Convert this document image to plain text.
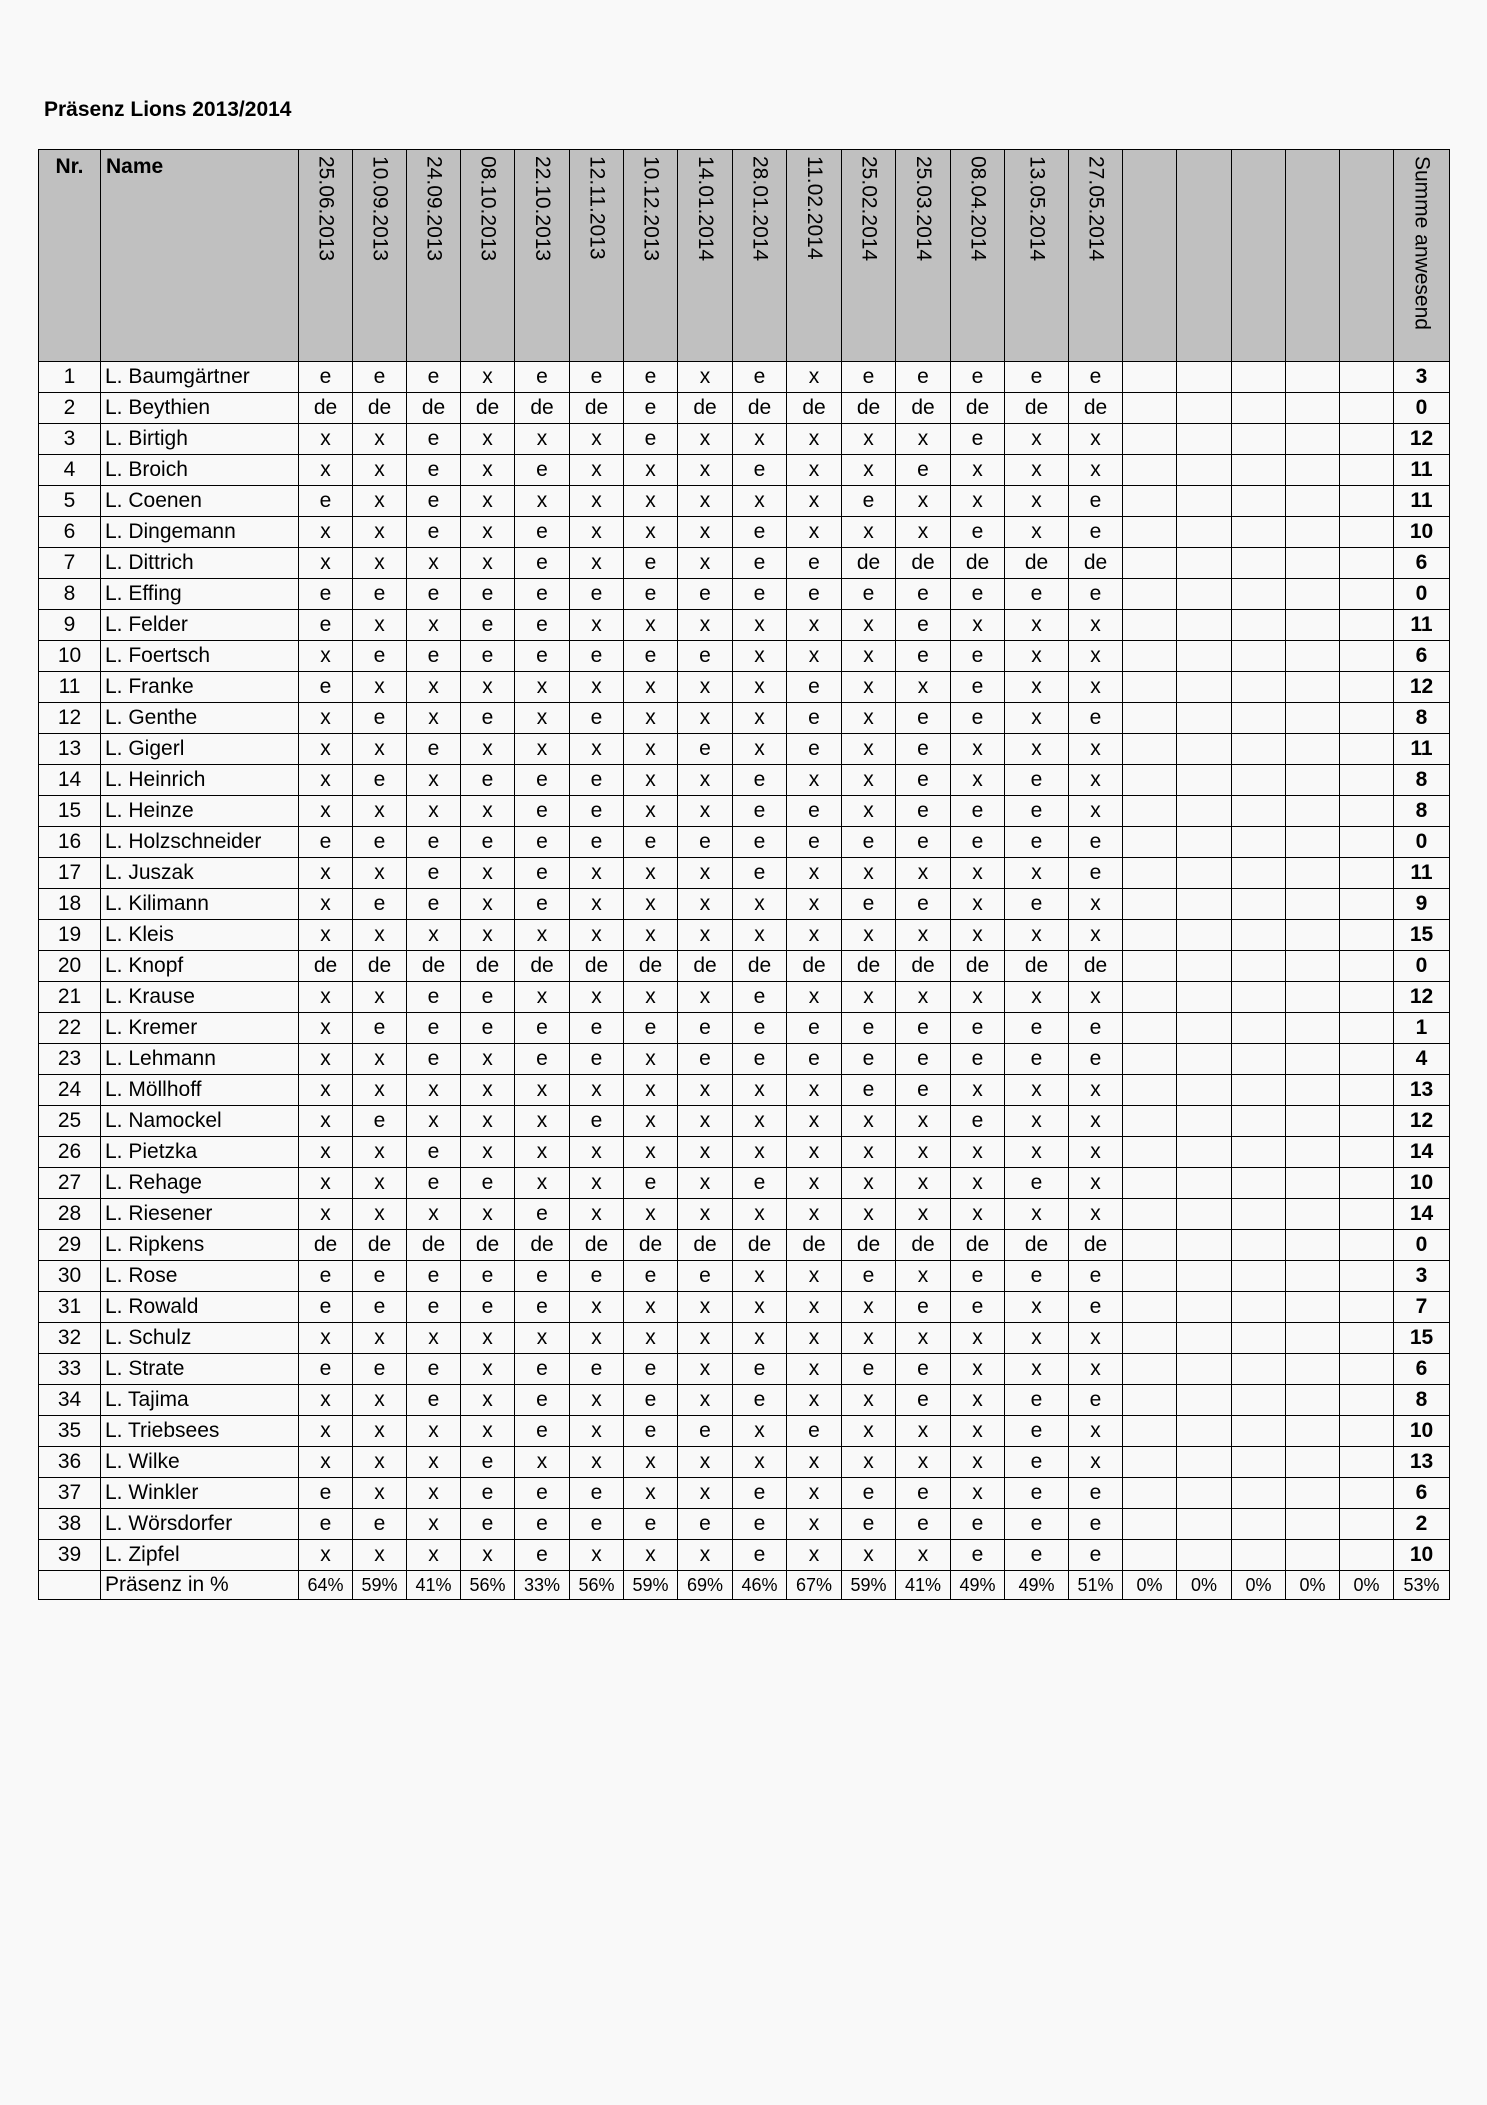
Präsenz Lions 2013/2014
Nr.	Name	25.06.2013	10.09.2013	24.09.2013	08.10.2013	22.10.2013	12.11.2013	10.12.2013	14.01.2014	28.01.2014	11.02.2014	25.02.2014	25.03.2014	08.04.2014	13.05.2014	27.05.2014						Summe anwesend

1	L. Baumgärtner	e	e	e	x	e	e	e	x	e	x	e	e	e	e	e						3
2	L. Beythien	de	de	de	de	de	de	e	de	de	de	de	de	de	de	de						0
3	L. Birtigh	x	x	e	x	x	x	e	x	x	x	x	x	e	x	x						12
4	L. Broich	x	x	e	x	e	x	x	x	e	x	x	e	x	x	x						11
5	L. Coenen	e	x	e	x	x	x	x	x	x	x	e	x	x	x	e						11
6	L. Dingemann	x	x	e	x	e	x	x	x	e	x	x	x	e	x	e						10
7	L. Dittrich	x	x	x	x	e	x	e	x	e	e	de	de	de	de	de						6
8	L. Effing	e	e	e	e	e	e	e	e	e	e	e	e	e	e	e						0
9	L. Felder	e	x	x	e	e	x	x	x	x	x	x	e	x	x	x						11
10	L. Foertsch	x	e	e	e	e	e	e	e	x	x	x	e	e	x	x						6
11	L. Franke	e	x	x	x	x	x	x	x	x	e	x	x	e	x	x						12
12	L. Genthe	x	e	x	e	x	e	x	x	x	e	x	e	e	x	e						8
13	L. Gigerl	x	x	e	x	x	x	x	e	x	e	x	e	x	x	x						11
14	L. Heinrich	x	e	x	e	e	e	x	x	e	x	x	e	x	e	x						8
15	L. Heinze	x	x	x	x	e	e	x	x	e	e	x	e	e	e	x						8
16	L. Holzschneider	e	e	e	e	e	e	e	e	e	e	e	e	e	e	e						0
17	L. Juszak	x	x	e	x	e	x	x	x	e	x	x	x	x	x	e						11
18	L. Kilimann	x	e	e	x	e	x	x	x	x	x	e	e	x	e	x						9
19	L. Kleis	x	x	x	x	x	x	x	x	x	x	x	x	x	x	x						15
20	L. Knopf	de	de	de	de	de	de	de	de	de	de	de	de	de	de	de						0
21	L. Krause	x	x	e	e	x	x	x	x	e	x	x	x	x	x	x						12
22	L. Kremer	x	e	e	e	e	e	e	e	e	e	e	e	e	e	e						1
23	L. Lehmann	x	x	e	x	e	e	x	e	e	e	e	e	e	e	e						4
24	L. Möllhoff	x	x	x	x	x	x	x	x	x	x	e	e	x	x	x						13
25	L. Namockel	x	e	x	x	x	e	x	x	x	x	x	x	e	x	x						12
26	L. Pietzka	x	x	e	x	x	x	x	x	x	x	x	x	x	x	x						14
27	L. Rehage	x	x	e	e	x	x	e	x	e	x	x	x	x	e	x						10
28	L. Riesener	x	x	x	x	e	x	x	x	x	x	x	x	x	x	x						14
29	L. Ripkens	de	de	de	de	de	de	de	de	de	de	de	de	de	de	de						0
30	L. Rose	e	e	e	e	e	e	e	e	x	x	e	x	e	e	e						3
31	L. Rowald	e	e	e	e	e	x	x	x	x	x	x	e	e	x	e						7
32	L. Schulz	x	x	x	x	x	x	x	x	x	x	x	x	x	x	x						15
33	L. Strate	e	e	e	x	e	e	e	x	e	x	e	e	x	x	x						6
34	L. Tajima	x	x	e	x	e	x	e	x	e	x	x	e	x	e	e						8
35	L. Triebsees	x	x	x	x	e	x	e	e	x	e	x	x	x	e	x						10
36	L. Wilke	x	x	x	e	x	x	x	x	x	x	x	x	x	e	x						13
37	L. Winkler	e	x	x	e	e	e	x	x	e	x	e	e	x	e	e						6
38	L. Wörsdorfer	e	e	x	e	e	e	e	e	e	x	e	e	e	e	e						2
39	L. Zipfel	x	x	x	x	e	x	x	x	e	x	x	x	e	e	e						10
	Präsenz in %	64%	59%	41%	56%	33%	56%	59%	69%	46%	67%	59%	41%	49%	49%	51%	0%	0%	0%	0%	0%	53%
